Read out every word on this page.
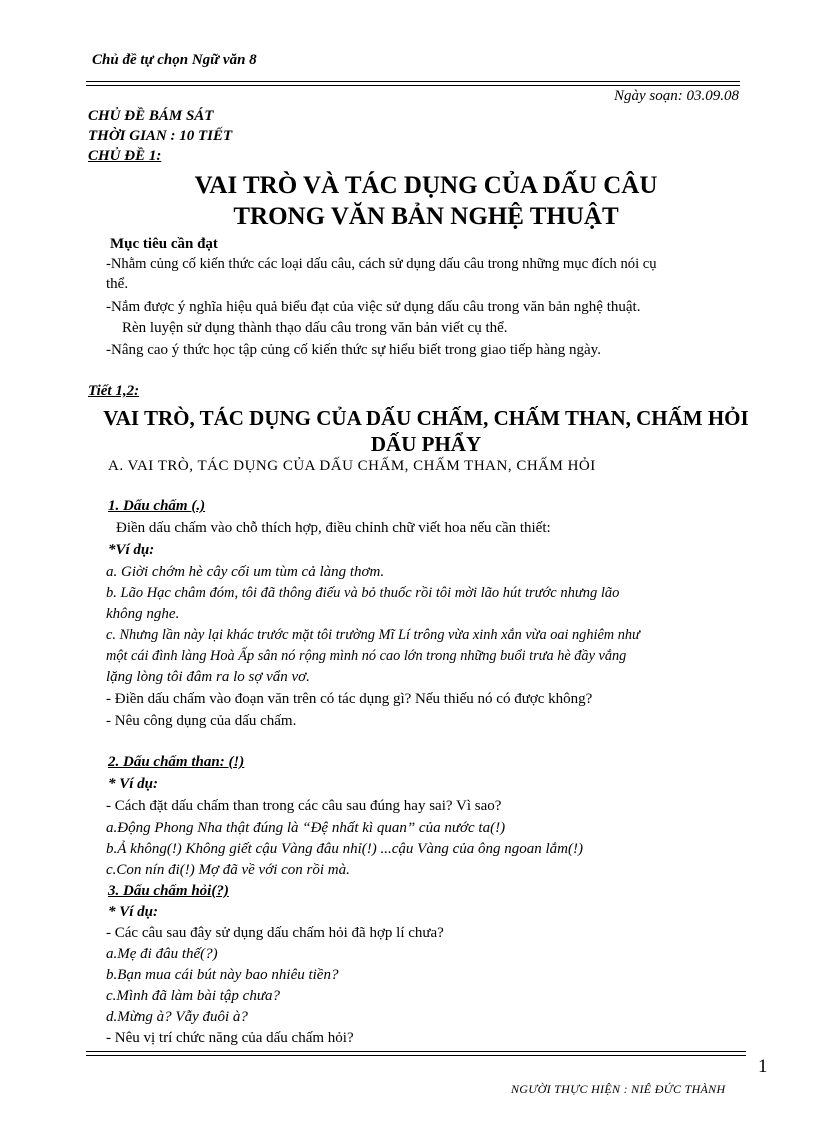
Chủ đề tự chọn Ngữ văn 8
Ngày soạn: 03.09.08
CHỦ ĐỀ BÁM SÁT
THỜI GIAN : 10 TIẾT
CHỦ ĐỀ 1:
VAI TRÒ VÀ TÁC DỤNG CỦA DẤU CÂU
TRONG VĂN BẢN NGHỆ THUẬT
Mục tiêu cần đạt
-Nhằm củng cố kiến thức các loại dấu câu, cách sử dụng dấu câu trong những mục đích nói cụ
thể.
-Nắm được ý nghĩa hiệu quả biểu đạt của việc sử dụng dấu câu trong văn bản nghệ thuật.
Rèn luyện sử dụng thành thạo dấu câu trong văn bản viết cụ thể.
-Nâng cao ý thức học tập củng cố kiến thức sự hiểu biết trong giao tiếp hàng ngày.
Tiết 1,2:
VAI TRÒ, TÁC DỤNG CỦA DẤU CHẤM, CHẤM THAN, CHẤM HỎI
DẤU PHẨY
A. VAI TRÒ, TÁC DỤNG CỦA DẤU CHẤM, CHẤM THAN, CHẤM HỎI
1. Dấu chấm (.)
Điền dấu chấm vào chỗ thích hợp, điều chỉnh chữ viết hoa nếu cần thiết:
*Ví dụ:
a. Giời chớm hè cây cối um tùm cả làng thơm.
b. Lão Hạc châm đóm, tôi đã thông điếu và bỏ thuốc rồi tôi mời lão hút trước nhưng lão
không nghe.
c. Nhưng lần này lại khác trước mặt tôi trường Mĩ Lí trông vừa xinh xắn vừa oai nghiêm như
một cái đình làng Hoà Ấp sân nó rộng mình nó cao lớn trong những buổi trưa hè đầy vắng
lặng lòng tôi đâm ra lo sợ vẩn vơ.
- Điền dấu chấm vào đoạn văn trên có tác dụng gì? Nếu thiếu nó có được không?
- Nêu công dụng của dấu chấm.
2. Dấu chấm than: (!)
* Ví dụ:
- Cách đặt dấu chấm than trong các câu sau đúng hay sai? Vì sao?
a.Động Phong Nha thật đúng là “Đệ nhất kì quan” của nước ta(!)
b.Ả không(!) Không giết cậu Vàng đâu nhỉ(!) ...cậu Vàng của ông ngoan lắm(!)
c.Con nín đi(!) Mợ đã về với con rồi mà.
3. Dấu chấm hỏi(?)
* Ví dụ:
- Các câu sau đây sử dụng dấu chấm hỏi đã hợp lí chưa?
a.Mẹ đi đâu thế(?)
b.Bạn mua cái bút này bao nhiêu tiền?
c.Mình đã làm bài tập chưa?
d.Mừng à? Vẫy đuôi à?
- Nêu vị trí chức năng của dấu chấm hỏi?
1
NGƯỜI THỰC HIỆN : NIÊ ĐỨC THÀNH
